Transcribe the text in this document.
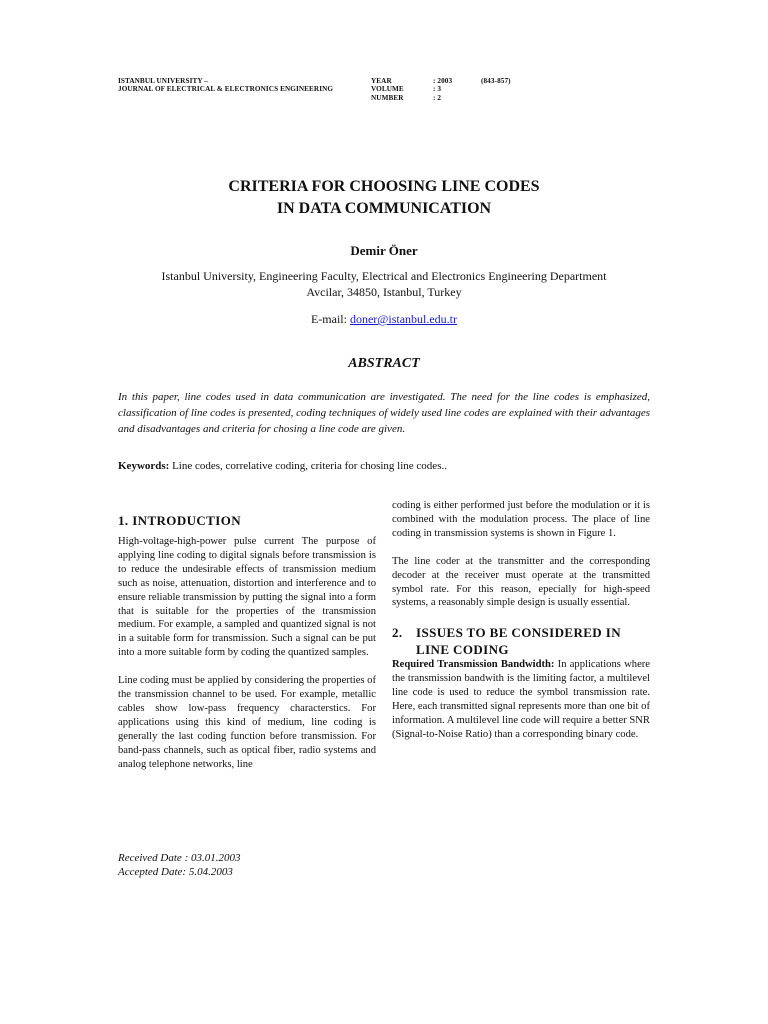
ISTANBUL UNIVERSITY –
JOURNAL OF ELECTRICAL & ELECTRONICS ENGINEERING
YEAR
VOLUME
NUMBER
: 2003
: 3
: 2
(843-857)
CRITERIA FOR CHOOSING LINE CODES
IN DATA COMMUNICATION
Demir Öner
Istanbul University, Engineering Faculty, Electrical and Electronics Engineering Department
Avcilar, 34850, Istanbul, Turkey
E-mail: doner@istanbul.edu.tr
ABSTRACT
In this paper, line codes used in data communication are investigated. The need for the line codes is emphasized, classification of line codes is presented, coding techniques of widely used line codes are explained with their advantages and disadvantages and criteria for chosing a line code are given.
Keywords: Line codes, correlative coding, criteria for chosing line codes..
1. INTRODUCTION

High-voltage-high-power pulse current The purpose of applying line coding to digital signals before transmission is to reduce the undesirable effects of transmission medium such as noise, attenuation, distortion and interference and to ensure reliable transmission by putting the signal into a form that is suitable for the properties of the transmission medium. For example, a sampled and quantized signal is not in a suitable form for transmission. Such a signal can be put into a more suitable form by coding the quantized samples.

Line coding must be applied by considering the properties of the transmission channel to be used. For example, metallic cables show low-pass frequency characterstics. For applications using this kind of medium, line coding is generally the last coding function before transmission. For band-pass channels, such as optical fiber, radio systems and analog telephone networks, line

coding is either performed just before the modulation or it is combined with the modulation process. The place of line coding in transmission systems is shown in Figure 1.

The line coder at the transmitter and the corresponding decoder at the receiver must operate at the transmitted symbol rate. For this reason, epecially for high-speed systems, a reasonably simple design is usually essential.

2.	ISSUES TO BE CONSIDERED IN
LINE CODING

Required Transmission Bandwidth: In applications where the transmission bandwith is the limiting factor, a multilevel line code is used to reduce the symbol transmission rate. Here, each transmitted signal represents more than one bit of information. A multilevel line code will require a better SNR (Signal-to-Noise Ratio) than a corresponding binary code.

Received Date : 03.01.2003
Accepted Date: 5.04.2003
